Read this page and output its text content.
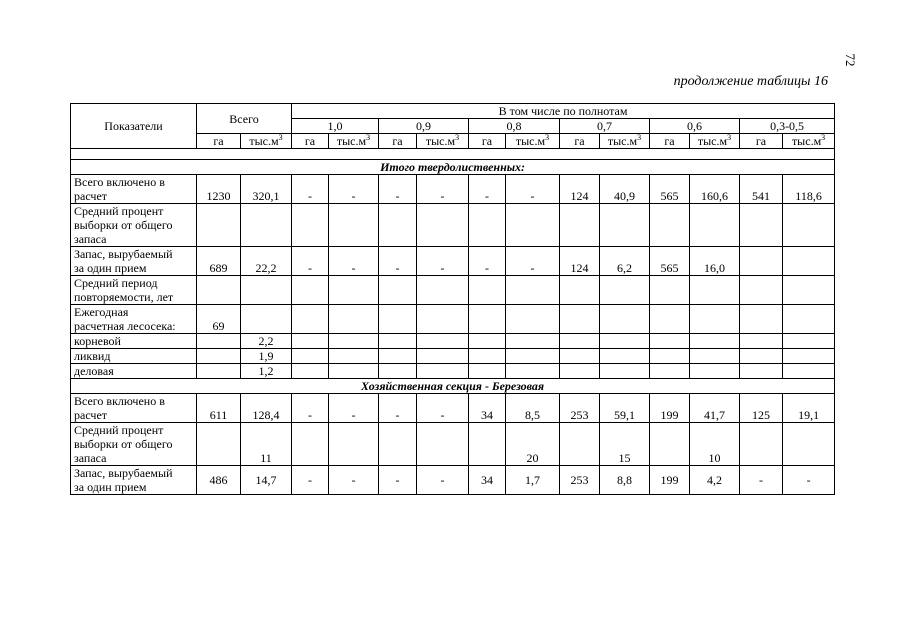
72
продолжение таблицы 16
Показатели	Всего		В том числе по полнотам											
			1,0		0,9		0,8		0,7		0,6		0,3-0,5	
	га	$тыс.м^3$	га	$тыс.м^3$	га	$тыс.м^3$	га	$тыс.м^3$	га	$тыс.м^3$	га	$тыс.м^3$	га	$тыс.м^3$

Итого твердолиственных:														
Всего включено в
расчет	1230	320,1	-	-	-	-	-	-	124	40,9	565	160,6	541	118,6
Средний процент
выборки от общего
запаса														
Запас, вырубаемый
за один прием	689	22,2	-	-	-	-	-	-	124	6,2	565	16,0		
Средний период
повторяемости, лет														
Ежегодная
расчетная лесосека:	69													
корневой		2,2												
ликвид		1,9												
деловая		1,2												
Хозяйственная секция - Березовая														
Всего включено в
расчет	611	128,4	-	-	-	-	34	8,5	253	59,1	199	41,7	125	19,1
Средний процент
выборки от общего
запаса		11						20		15		10		
Запас, вырубаемый
за один прием	486	14,7	-	-	-	-	34	1,7	253	8,8	199	4,2	-	-
